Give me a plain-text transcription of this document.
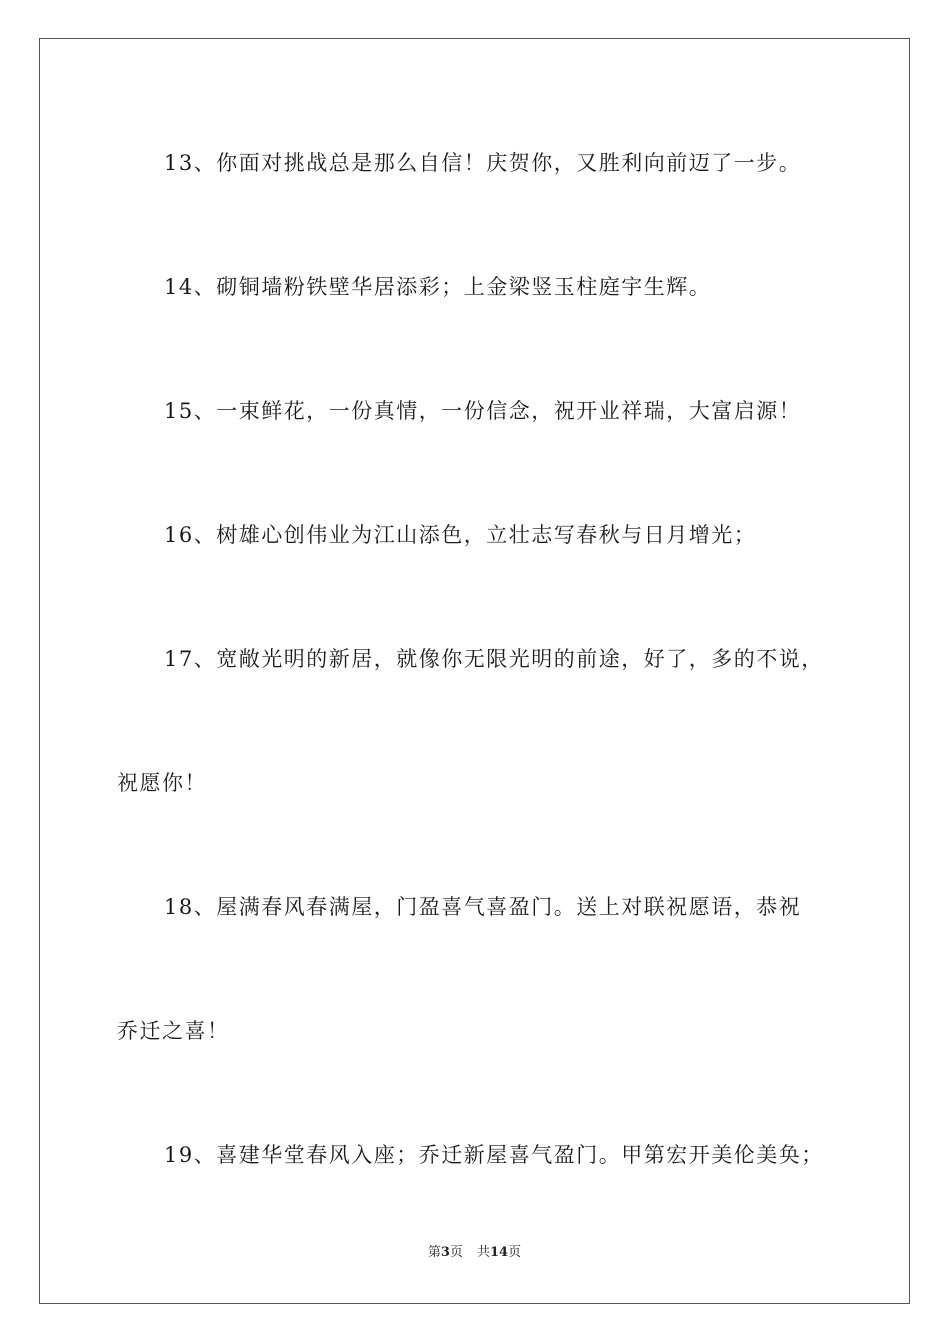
13、你面对挑战总是那么自信！庆贺你，又胜利向前迈了一步。
14、砌铜墙粉铁壁华居添彩；上金梁竖玉柱庭宇生辉。
15、一束鲜花，一份真情，一份信念，祝开业祥瑞，大富启源！
16、树雄心创伟业为江山添色，立壮志写春秋与日月增光；
17、宽敞光明的新居，就像你无限光明的前途，好了，多的不说，
祝愿你！
18、屋满春风春满屋，门盈喜气喜盈门。送上对联祝愿语，恭祝
乔迁之喜！
19、喜建华堂春风入座；乔迁新屋喜气盈门。甲第宏开美伦美奂；
第3页 共14页
